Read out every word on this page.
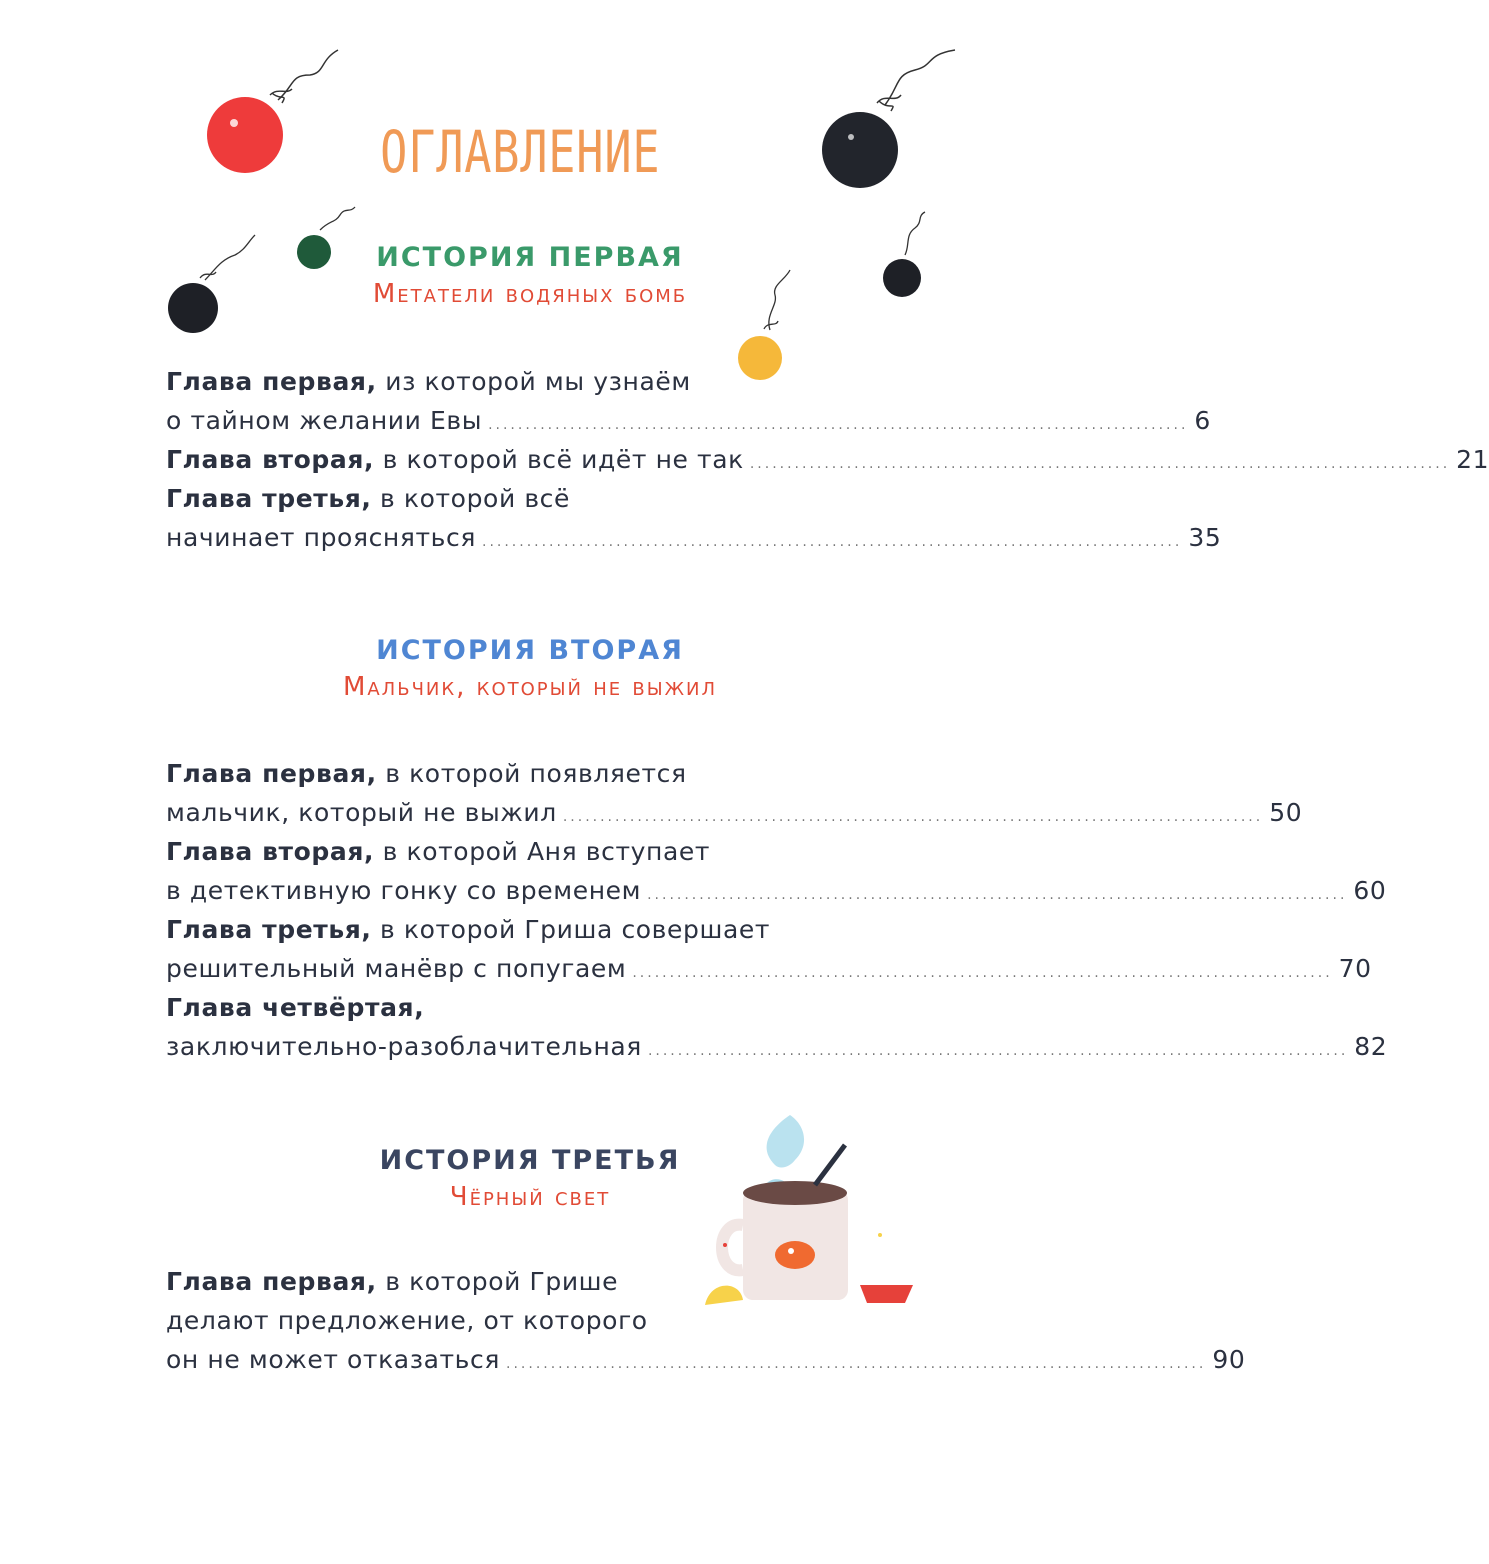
ОГЛАВЛЕНИЕ
ИСТОРИЯ ПЕРВАЯ
Метатели водяных бомб
Глава первая, из которой мы узнаём
о тайном желании Евы .............................................................................................. 6
Глава вторая, в которой всё идёт не так .............................................................................................. 21
Глава третья, в которой всё
начинает проясняться .............................................................................................. 35
ИСТОРИЯ ВТОРАЯ
Мальчик, который не выжил
Глава первая, в которой появляется
мальчик, который не выжил .............................................................................................. 50
Глава вторая, в которой Аня вступает
в детективную гонку со временем .............................................................................................. 60
Глава третья, в которой Гриша совершает
решительный манёвр с попугаем .............................................................................................. 70
Глава четвёртая,
заключительно-разоблачительная .............................................................................................. 82
ИСТОРИЯ ТРЕТЬЯ
Чёрный свет
Глава первая, в которой Грише
делают предложение, от которого
он не может отказаться .............................................................................................. 90
